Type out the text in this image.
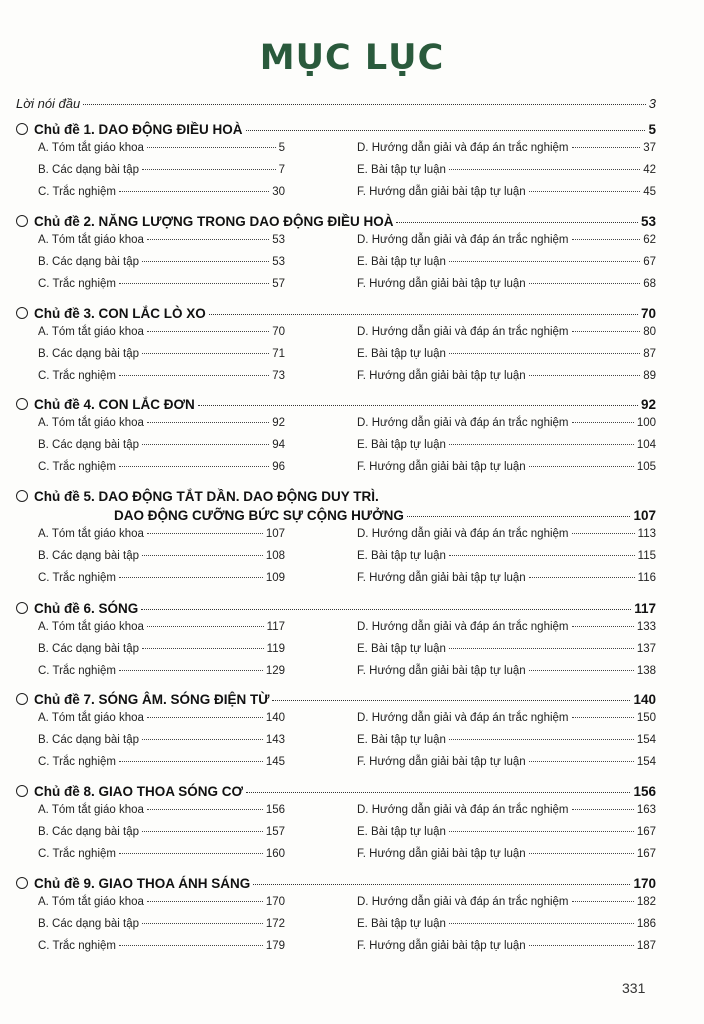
MỤC LỤC
Lời nói đầu	3
Chủ đề 1. DAO ĐỘNG ĐIỀU HOÀ	5
A. Tóm tắt giáo khoa	5
B. Các dạng bài tập	7
C. Trắc nghiệm	30
D. Hướng dẫn giải và đáp án trắc nghiệm	37
E. Bài tập tự luận	42
F. Hướng dẫn giải bài tập tự luận	45
Chủ đề 2. NĂNG LƯỢNG TRONG DAO ĐỘNG ĐIỀU HOÀ	53
A. Tóm tắt giáo khoa	53
B. Các dạng bài tập	53
C. Trắc nghiệm	57
D. Hướng dẫn giải và đáp án trắc nghiệm	62
E. Bài tập tự luận	67
F. Hướng dẫn giải bài tập tự luận	68
Chủ đề 3. CON LẮC LÒ XO	70
A. Tóm tắt giáo khoa	70
B. Các dạng bài tập	71
C. Trắc nghiệm	73
D. Hướng dẫn giải và đáp án trắc nghiệm	80
E. Bài tập tự luận	87
F. Hướng dẫn giải bài tập tự luận	89
Chủ đề 4. CON LẮC ĐƠN	92
A. Tóm tắt giáo khoa	92
B. Các dạng bài tập	94
C. Trắc nghiệm	96
D. Hướng dẫn giải và đáp án trắc nghiệm	100
E. Bài tập tự luận	104
F. Hướng dẫn giải bài tập tự luận	105
Chủ đề 5. DAO ĐỘNG TẮT DẦN. DAO ĐỘNG DUY TRÌ.
DAO ĐỘNG CƯỠNG BỨC SỰ CỘNG HƯỞNG	107
A. Tóm tắt giáo khoa	107
B. Các dạng bài tập	108
C. Trắc nghiệm	109
D. Hướng dẫn giải và đáp án trắc nghiệm	113
E. Bài tập tự luận	115
F. Hướng dẫn giải bài tập tự luận	116
Chủ đề 6. SÓNG	117
A. Tóm tắt giáo khoa	117
B. Các dạng bài tập	119
C. Trắc nghiệm	129
D. Hướng dẫn giải và đáp án trắc nghiệm	133
E. Bài tập tự luận	137
F. Hướng dẫn giải bài tập tự luận	138
Chủ đề 7. SÓNG ÂM. SÓNG ĐIỆN TỪ	140
A. Tóm tắt giáo khoa	140
B. Các dạng bài tập	143
C. Trắc nghiệm	145
D. Hướng dẫn giải và đáp án trắc nghiệm	150
E. Bài tập tự luận	154
F. Hướng dẫn giải bài tập tự luận	154
Chủ đề 8. GIAO THOA SÓNG CƠ	156
A. Tóm tắt giáo khoa	156
B. Các dạng bài tập	157
C. Trắc nghiệm	160
D. Hướng dẫn giải và đáp án trắc nghiệm	163
E. Bài tập tự luận	167
F. Hướng dẫn giải bài tập tự luận	167
Chủ đề 9. GIAO THOA ÁNH SÁNG	170
A. Tóm tắt giáo khoa	170
B. Các dạng bài tập	172
C. Trắc nghiệm	179
D. Hướng dẫn giải và đáp án trắc nghiệm	182
E. Bài tập tự luận	186
F. Hướng dẫn giải bài tập tự luận	187
331
